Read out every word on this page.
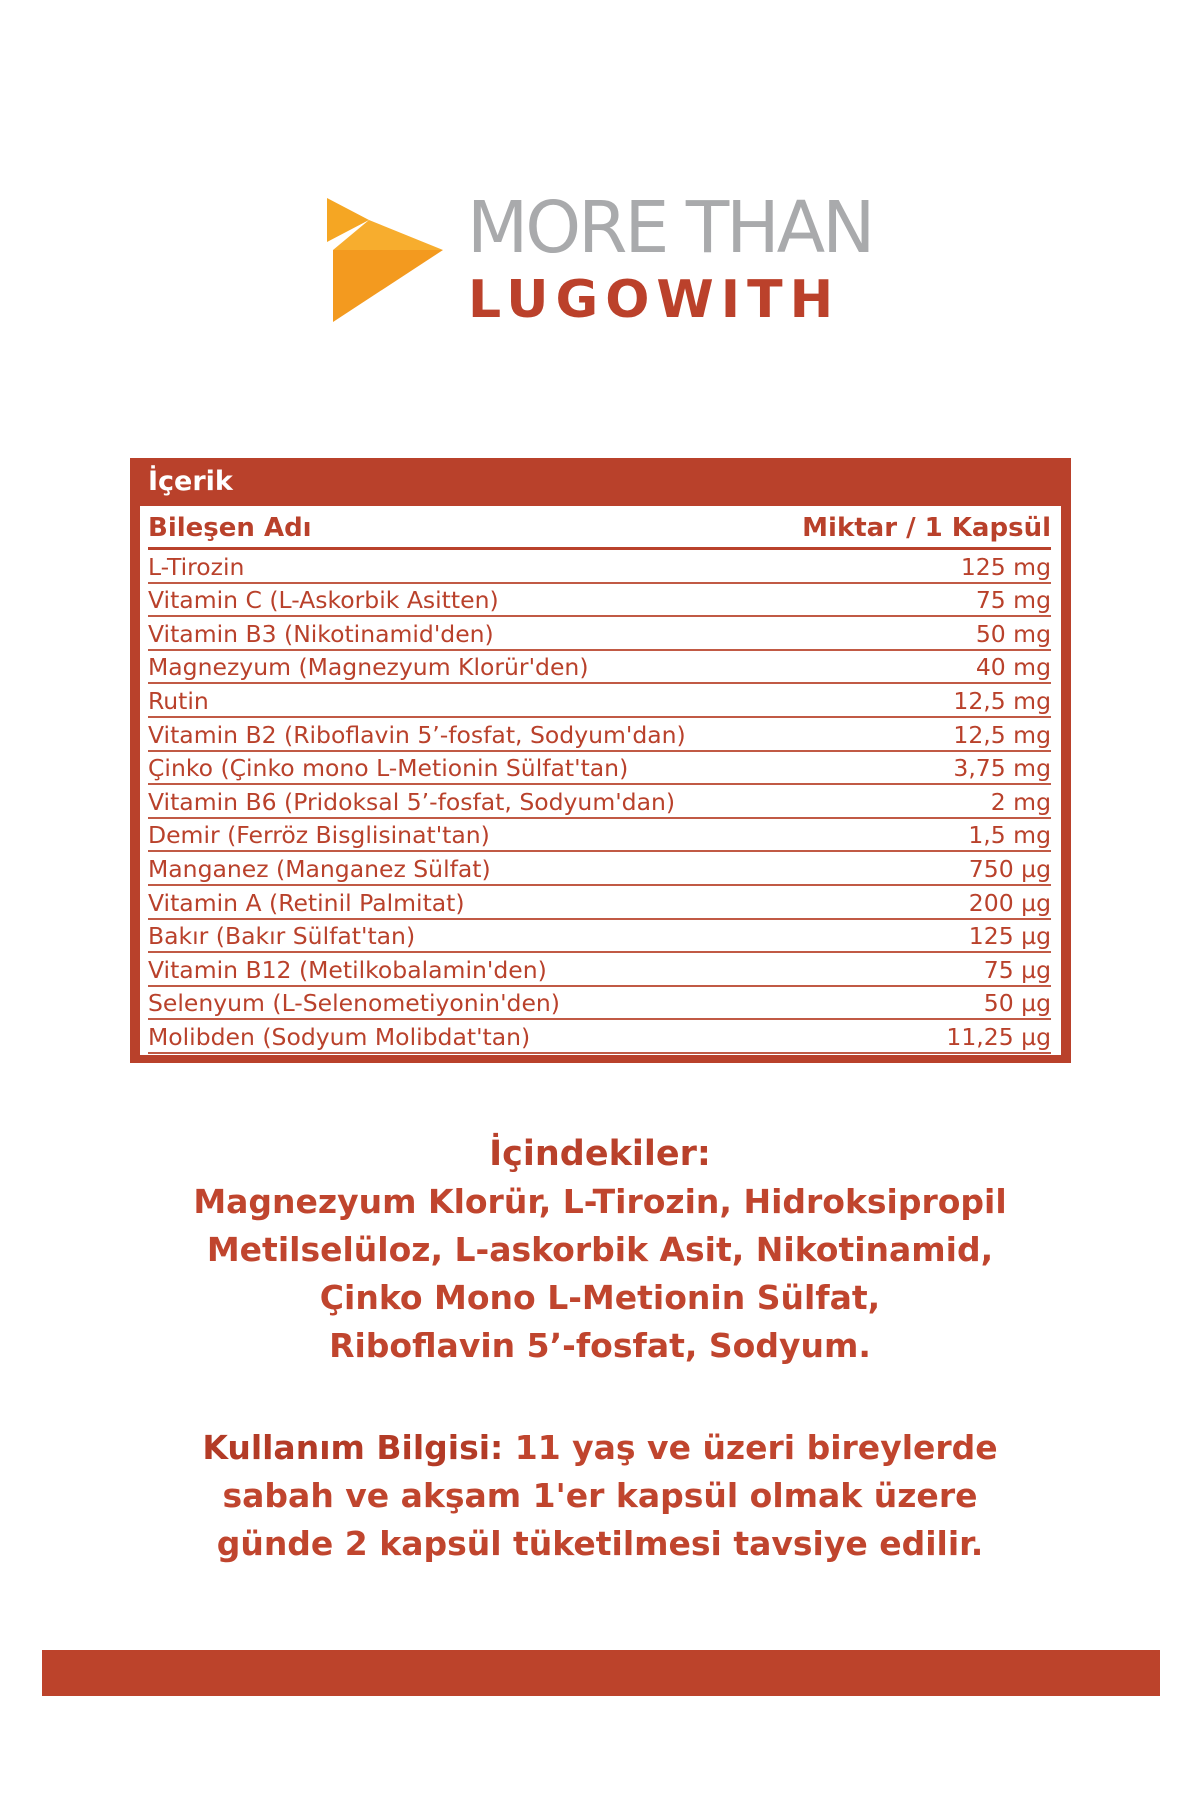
MORE THAN
LUGOWITH
İçerik
Bileşen Adı	Miktar / 1 Kapsül
L-Tirozin	125 mg
Vitamin C (L-Askorbik Asitten)	75 mg
Vitamin B3 (Nikotinamid'den)	50 mg
Magnezyum (Magnezyum Klorür'den)	40 mg
Rutin	12,5 mg
Vitamin B2 (Riboflavin 5’-fosfat, Sodyum'dan)	12,5 mg
Çinko (Çinko mono L-Metionin Sülfat'tan)	3,75 mg
Vitamin B6 (Pridoksal 5’-fosfat, Sodyum'dan)	2 mg
Demir (Ferröz Bisglisinat'tan)	1,5 mg
Manganez (Manganez Sülfat)	750 µg
Vitamin A (Retinil Palmitat)	200 µg
Bakır (Bakır Sülfat'tan)	125 µg
Vitamin B12 (Metilkobalamin'den)	75 µg
Selenyum (L-Selenometiyonin'den)	50 µg
Molibden (Sodyum Molibdat'tan)	11,25 µg
İçindekiler:
Magnezyum Klorür, L-Tirozin, Hidroksipropil
Metilselüloz, L-askorbik Asit, Nikotinamid,
Çinko Mono L-Metionin Sülfat,
Riboflavin 5’-fosfat, Sodyum.
Kullanım Bilgisi: 11 yaş ve üzeri bireylerde
sabah ve akşam 1'er kapsül olmak üzere
günde 2 kapsül tüketilmesi tavsiye edilir.
